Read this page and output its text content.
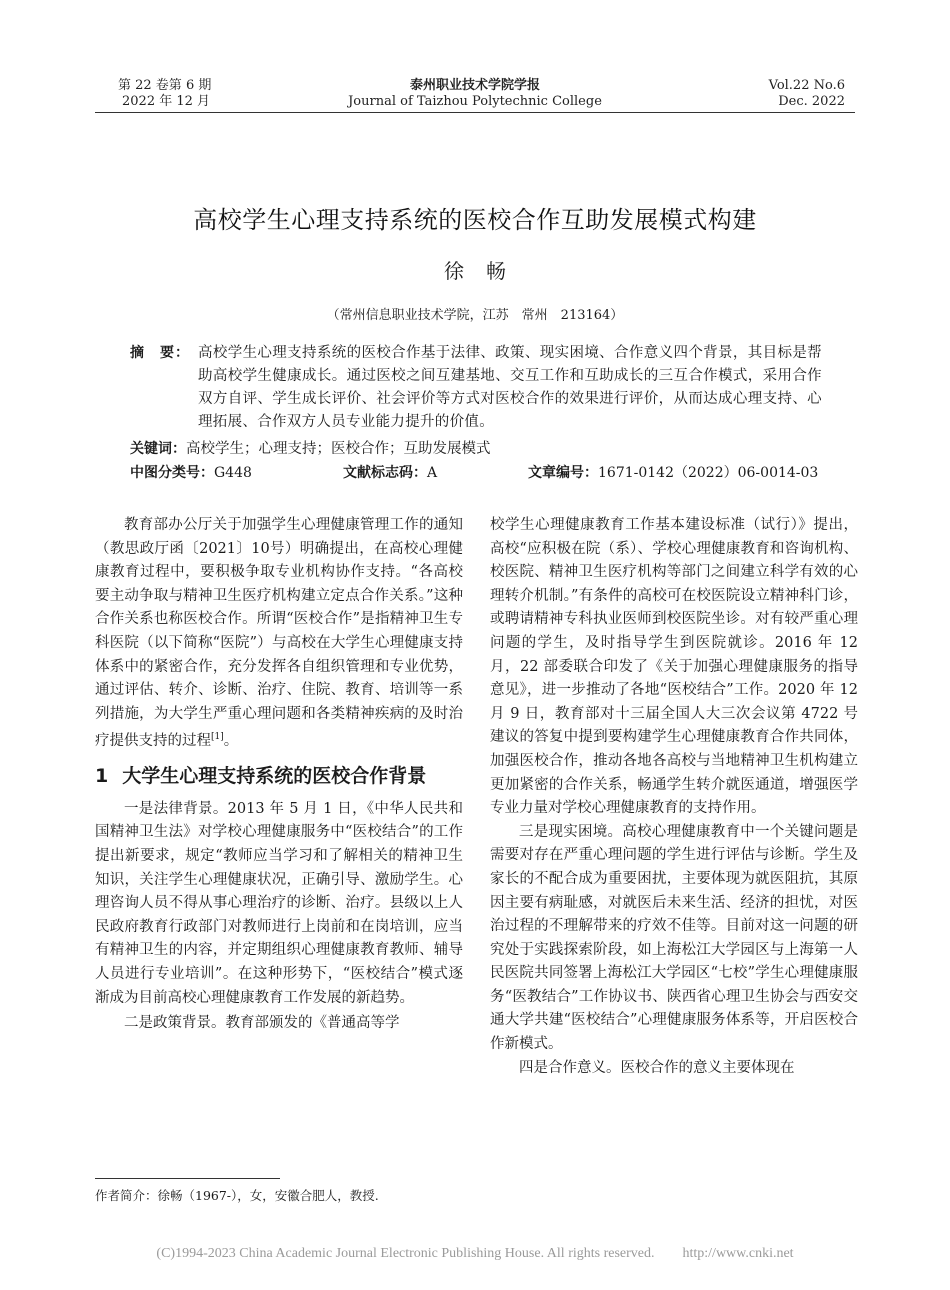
第 22 卷第 6 期
2022 年 12 月
泰州职业技术学院学报
Journal of Taizhou Polytechnic College
Vol.22 No.6
Dec. 2022
高校学生心理支持系统的医校合作互助发展模式构建
徐畅
（常州信息职业技术学院，江苏　常州　213164）
摘　要： 高校学生心理支持系统的医校合作基于法律、政策、现实困境、合作意义四个背景，其目标是帮助高校学生健康成长。通过医校之间互建基地、交互工作和互助成长的三互合作模式，采用合作双方自评、学生成长评价、社会评价等方式对医校合作的效果进行评价，从而达成心理支持、心理拓展、合作双方人员专业能力提升的价值。
关键词：高校学生；心理支持；医校合作；互助发展模式
中图分类号：G448	文献标志码：A	文章编号：1671-0142（2022）06-0014-03

教育部办公厅关于加强学生心理健康管理工作的通知（教思政厅函〔2021〕10号）明确提出，在高校心理健康教育过程中，要积极争取专业机构协作支持。“各高校要主动争取与精神卫生医疗机构建立定点合作关系。”这种合作关系也称医校合作。所谓“医校合作”是指精神卫生专科医院（以下简称“医院”）与高校在大学生心理健康支持体系中的紧密合作，充分发挥各自组织管理和专业优势，通过评估、转介、诊断、治疗、住院、教育、培训等一系列措施，为大学生严重心理问题和各类精神疾病的及时治疗提供支持的过程[1]。

1 大学生心理支持系统的医校合作背景

一是法律背景。2013 年 5 月 1 日，《中华人民共和国精神卫生法》对学校心理健康服务中“医校结合”的工作提出新要求，规定“教师应当学习和了解相关的精神卫生知识，关注学生心理健康状况，正确引导、激励学生。心理咨询人员不得从事心理治疗的诊断、治疗。县级以上人民政府教育行政部门对教师进行上岗前和在岗培训，应当有精神卫生的内容，并定期组织心理健康教育教师、辅导人员进行专业培训”。在这种形势下，“医校结合”模式逐渐成为目前高校心理健康教育工作发展的新趋势。

二是政策背景。教育部颁发的《普通高等学

校学生心理健康教育工作基本建设标准（试行）》提出，高校“应积极在院（系）、学校心理健康教育和咨询机构、校医院、精神卫生医疗机构等部门之间建立科学有效的心理转介机制。”有条件的高校可在校医院设立精神科门诊，或聘请精神专科执业医师到校医院坐诊。对有较严重心理问题的学生，及时指导学生到医院就诊。2016 年 12 月，22 部委联合印发了《关于加强心理健康服务的指导意见》，进一步推动了各地“医校结合”工作。2020 年 12 月 9 日，教育部对十三届全国人大三次会议第 4722 号建议的答复中提到要构建学生心理健康教育合作共同体，加强医校合作，推动各地各高校与当地精神卫生机构建立更加紧密的合作关系，畅通学生转介就医通道，增强医学专业力量对学校心理健康教育的支持作用。

三是现实困境。高校心理健康教育中一个关键问题是需要对存在严重心理问题的学生进行评估与诊断。学生及家长的不配合成为重要困扰，主要体现为就医阻抗，其原因主要有病耻感，对就医后未来生活、经济的担忧，对医治过程的不理解带来的疗效不佳等。目前对这一问题的研究处于实践探索阶段，如上海松江大学园区与上海第一人民医院共同签署上海松江大学园区“七校”学生心理健康服务“医教结合”工作协议书、陕西省心理卫生协会与西安交通大学共建“医校结合”心理健康服务体系等，开启医校合作新模式。

四是合作意义。医校合作的意义主要体现在

作者简介：徐畅（1967-），女，安徽合肥人，教授.
(C)1994-2023 China Academic Journal Electronic Publishing House. All rights reserved.　　http://www.cnki.net
